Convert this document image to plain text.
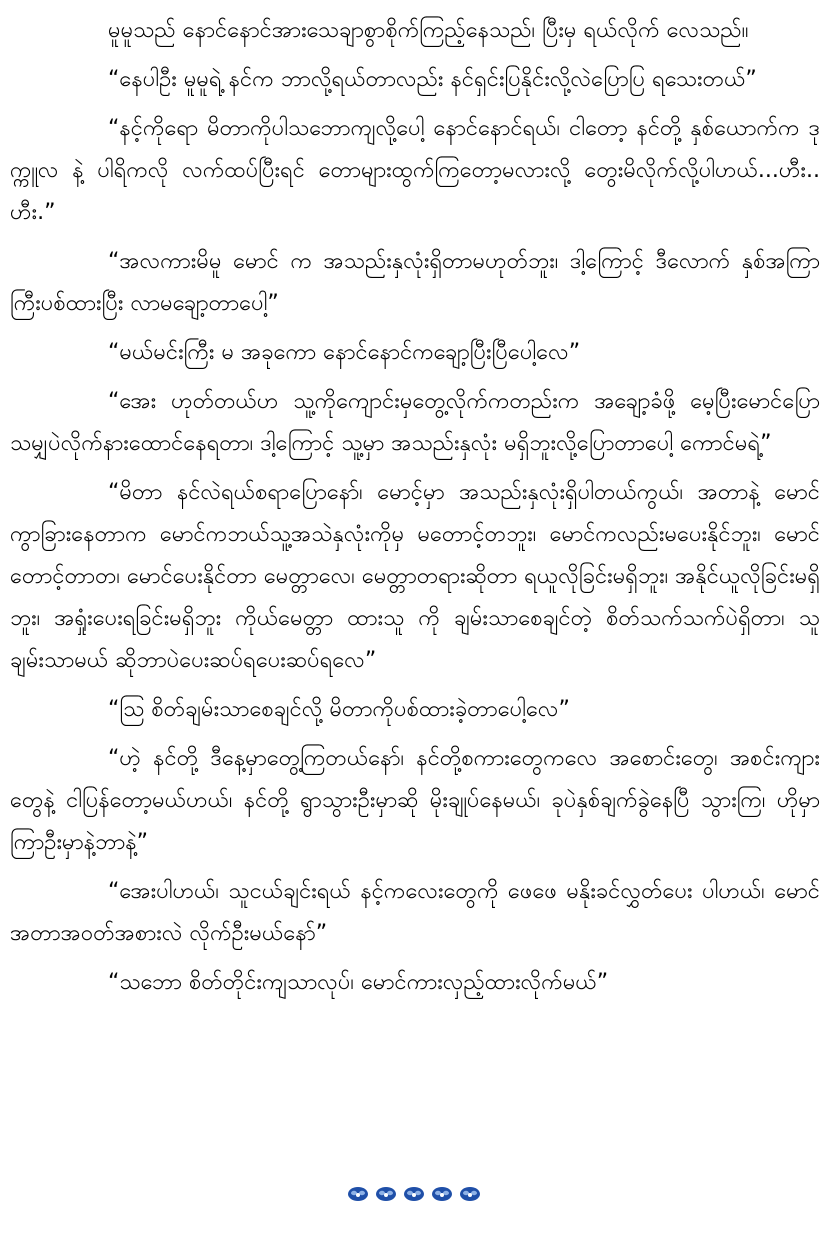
မူမူသည် နောင်နောင်အားသေချာစွာစိုက်ကြည့်နေသည်၊ ပြီးမှ ရယ်လိုက် လေသည်။

“နေပါဦး မူမူရဲ့ နင်က ဘာလို့ရယ်တာလည်း နင်ရှင်းပြနိုင်းလို့လဲပြောပြ ရသေးတယ်”

“နင့်ကိုရော မိတာကိုပါသဘောကျလို့ပေါ့ နောင်နောင်ရယ်၊ ငါတော့ နင်တို့ နှစ်ယောက်က ဒုက္ကူလ နဲ့ ပါရိကလို လက်ထပ်ပြီးရင် တောများထွက်ကြတော့မလားလို့ တွေးမိလိုက်လို့ပါဟယ်...ဟီး.. ဟီး.”

“အလကားမိမူ မောင် က အသည်းနှလုံးရှိတာမဟုတ်ဘူး၊ ဒါ့ကြောင့် ဒီလောက် နှစ်အကြာကြီးပစ်ထားပြီး လာမချော့တာပေါ့”

“မယ်မင်းကြီး မ အခုကော နောင်နောင်ကချော့ပြီးပြီပေါ့လေ”

“အေး ဟုတ်တယ်ဟ သူ့ကိုကျောင်းမှတွေ့လိုက်ကတည်းက အချော့ခံဖို့ မေ့ပြီးမောင်ပြောသမျှပဲလိုက်နားထောင်နေရတာ၊ ဒါ့ကြောင့် သူ့မှာ အသည်းနှလုံး မရှိဘူးလို့ပြောတာပေါ့ ကောင်မရဲ့”

“မိတာ နင်လဲရယ်စရာပြောနော်၊ မောင့်မှာ အသည်းနှလုံးရှိပါတယ်ကွယ်၊ အတာနဲ့ မောင် ကွာခြားနေတာက မောင်ကဘယ်သူ့အသဲနှလုံးကိုမှ မတောင့်တဘူး၊ မောင်ကလည်းမပေးနိုင်ဘူး၊ မောင်တောင့်တာတ၊ မောင်ပေးနိုင်တာ မေတ္တာလေ၊ မေတ္တာတရားဆိုတာ ရယူလိုခြင်းမရှိဘူး၊ အနိုင်ယူလိုခြင်းမရှိဘူး၊ အရှုံးပေးရခြင်းမရှိဘူး ကိုယ်မေတ္တာ ထားသူ ကို ချမ်းသာစေချင်တဲ့ စိတ်သက်သက်ပဲရှိတာ၊ သူချမ်းသာမယ် ဆိုဘာပဲပေးဆပ်ရပေးဆပ်ရလေ”

“ဩ စိတ်ချမ်းသာစေချင်လို့ မိတာကိုပစ်ထားခဲ့တာပေါ့လေ”

“ဟဲ့ နင်တို့ ဒီနေ့မှာတွေ့ကြတယ်နော်၊ နင်တို့စကားတွေကလေ အစောင်းတွေ၊ အစင်းကျားတွေနဲ့ ငါပြန်တော့မယ်ဟယ်၊ နင်တို့ ရွာသွားဦးမှာဆို မိုးချုပ်နေမယ်၊ ခုပဲနှစ်ချက်ခွဲနေပြီ သွားကြ၊ ဟိုမှာ ကြာဦးမှာနဲ့ဘာနဲ့”

“အေးပါဟယ်၊ သူငယ်ချင်းရယ် နင့်ကလေးတွေကို ဖေဖေ မနိုးခင်လွှတ်ပေး ပါဟယ်၊ မောင် အတာအဝတ်အစားလဲ လိုက်ဦးမယ်နော်”

“သဘော စိတ်တိုင်းကျသာလုပ်၊ မောင်ကားလှည့်ထားလိုက်မယ်”
